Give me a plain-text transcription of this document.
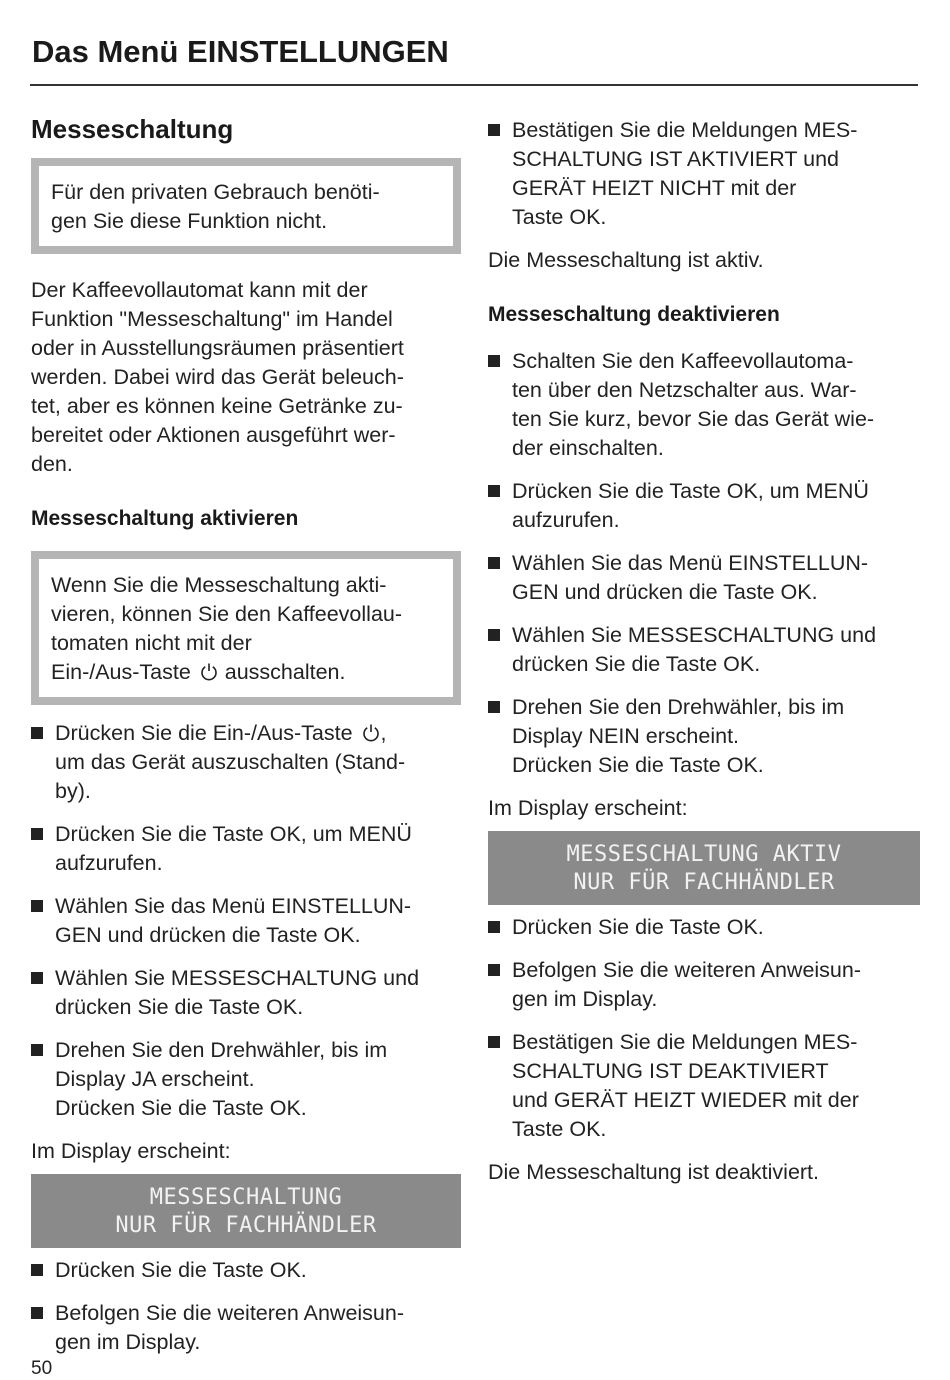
Das Menü EINSTELLUNGEN
Messeschaltung
Für den privaten Gebrauch benöti-
gen Sie diese Funktion nicht.
Der Kaffeevollautomat kann mit der
Funktion "Messeschaltung" im Handel
oder in Ausstellungsräumen präsentiert
werden. Dabei wird das Gerät beleuch-
tet, aber es können keine Getränke zu-
bereitet oder Aktionen ausgeführt wer-
den.
Messeschaltung aktivieren
Wenn Sie die Messeschaltung akti-
vieren, können Sie den Kaffeevollau-
tomaten nicht mit der
Ein-/Aus-Taste  ausschalten.
Drücken Sie die Ein-/Aus-Taste ,
um das Gerät auszuschalten (Stand-
by).
Drücken Sie die Taste OK, um MENÜ
aufzurufen.
Wählen Sie das Menü EINSTELLUN-
GEN und drücken die Taste OK.
Wählen Sie MESSESCHALTUNG und
drücken Sie die Taste OK.
Drehen Sie den Drehwähler, bis im
Display JA erscheint.
Drücken Sie die Taste OK.
Im Display erscheint:
MESSESCHALTUNG
NUR FÜR FACHHÄNDLER
Drücken Sie die Taste OK.
Befolgen Sie die weiteren Anweisun-
gen im Display.
Bestätigen Sie die Meldungen MES-
SCHALTUNG IST AKTIVIERT und
GERÄT HEIZT NICHT mit der
Taste OK.
Die Messeschaltung ist aktiv.
Messeschaltung deaktivieren
Schalten Sie den Kaffeevollautoma-
ten über den Netzschalter aus. War-
ten Sie kurz, bevor Sie das Gerät wie-
der einschalten.
Drücken Sie die Taste OK, um MENÜ
aufzurufen.
Wählen Sie das Menü EINSTELLUN-
GEN und drücken die Taste OK.
Wählen Sie MESSESCHALTUNG und
drücken Sie die Taste OK.
Drehen Sie den Drehwähler, bis im
Display NEIN erscheint.
Drücken Sie die Taste OK.
Im Display erscheint:
MESSESCHALTUNG AKTIV
NUR FÜR FACHHÄNDLER
Drücken Sie die Taste OK.
Befolgen Sie die weiteren Anweisun-
gen im Display.
Bestätigen Sie die Meldungen MES-
SCHALTUNG IST DEAKTIVIERT
und GERÄT HEIZT WIEDER mit der
Taste OK.
Die Messeschaltung ist deaktiviert.
50
